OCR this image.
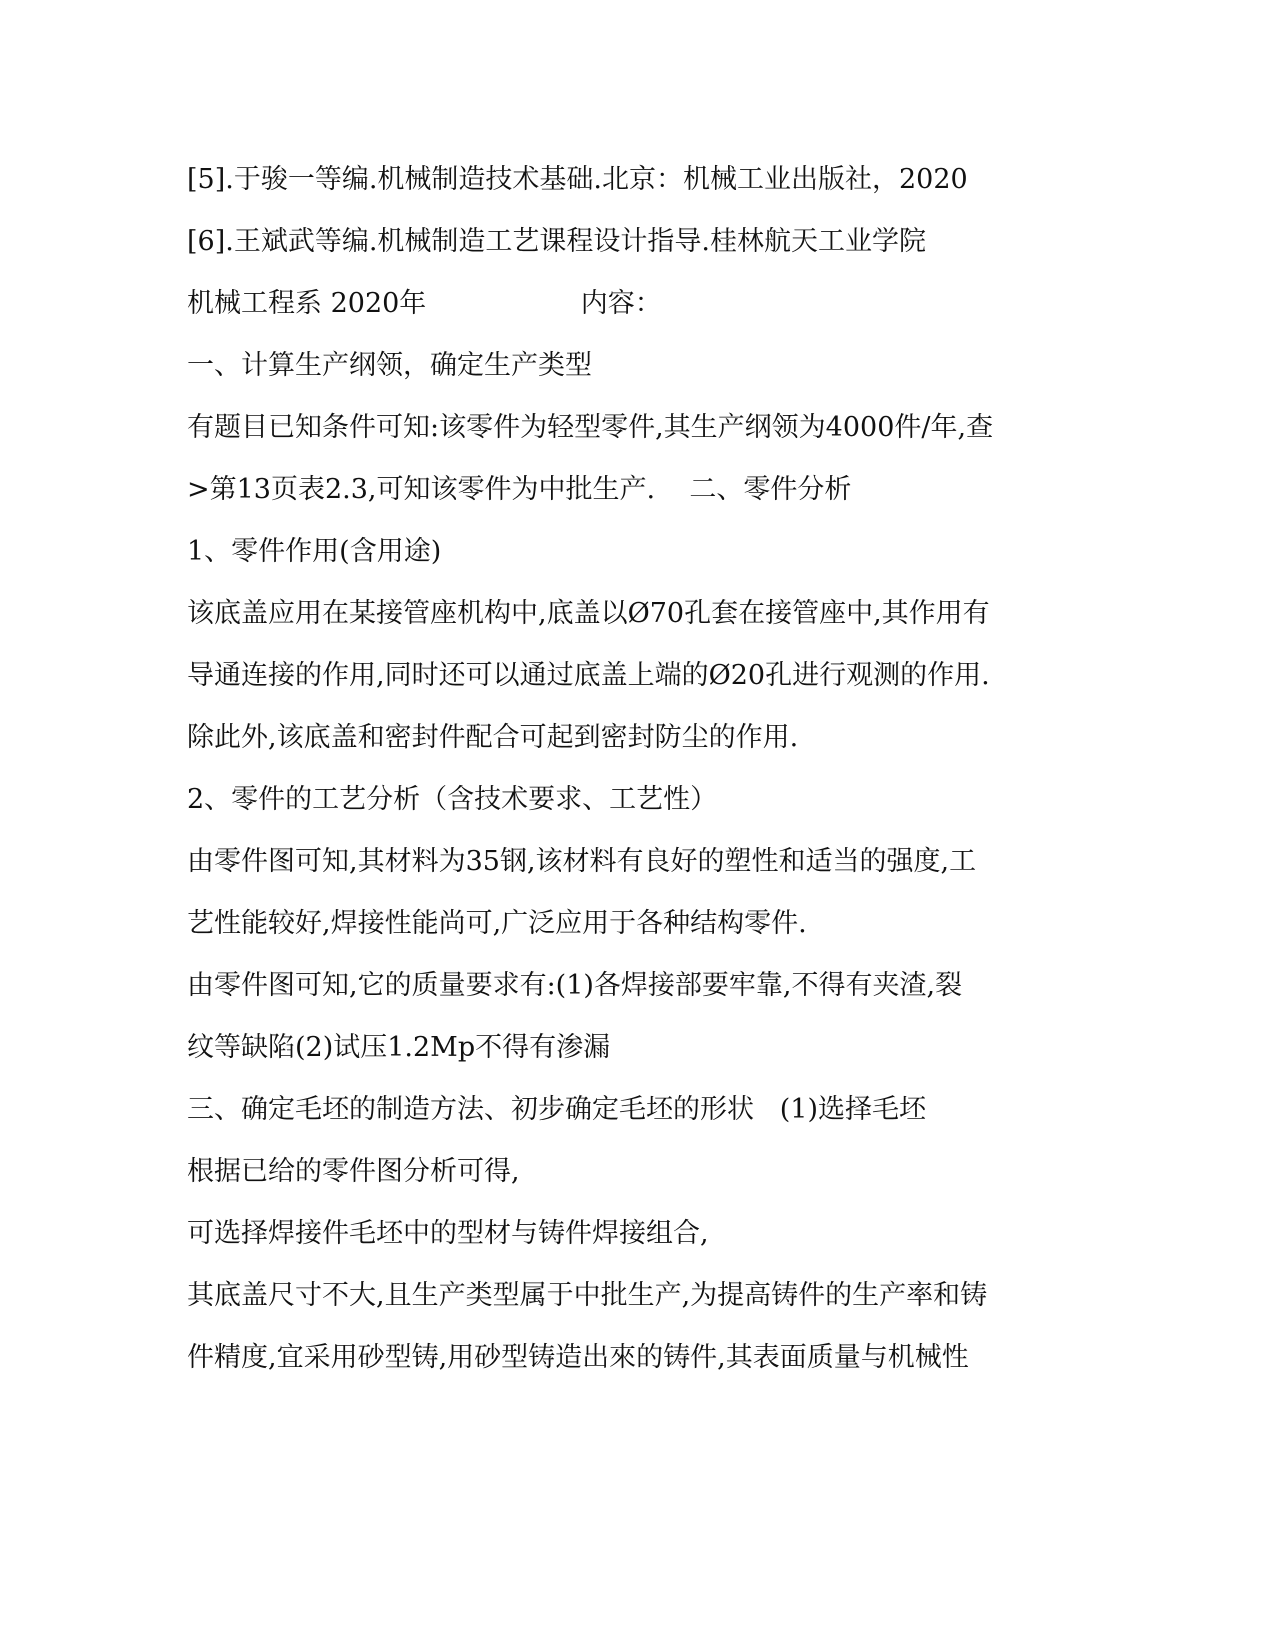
[5].于骏一等编.机械制造技术基础.北京：机械工业出版社，2020
[6].王斌武等编.机械制造工艺课程设计指导.桂林航天工业学院
机械工程系 2020年                  内容：
一、计算生产纲领，确定生产类型
有题目已知条件可知:该零件为轻型零件,其生产纲领为4000件/年,查
>第13页表2.3,可知该零件为中批生产.    二、零件分析
1、零件作用(含用途)
该底盖应用在某接管座机构中,底盖以Ø70孔套在接管座中,其作用有
导通连接的作用,同时还可以通过底盖上端的Ø20孔进行观测的作用.
除此外,该底盖和密封件配合可起到密封防尘的作用.
2、零件的工艺分析（含技术要求、工艺性）
由零件图可知,其材料为35钢,该材料有良好的塑性和适当的强度,工
艺性能较好,焊接性能尚可,广泛应用于各种结构零件.
由零件图可知,它的质量要求有:(1)各焊接部要牢靠,不得有夹渣,裂
纹等缺陷(2)试压1.2Mp不得有渗漏
三、确定毛坯的制造方法、初步确定毛坯的形状   (1)选择毛坯
根据已给的零件图分析可得,
可选择焊接件毛坯中的型材与铸件焊接组合,
其底盖尺寸不大,且生产类型属于中批生产,为提高铸件的生产率和铸
件精度,宜采用砂型铸,用砂型铸造出來的铸件,其表面质量与机械性
